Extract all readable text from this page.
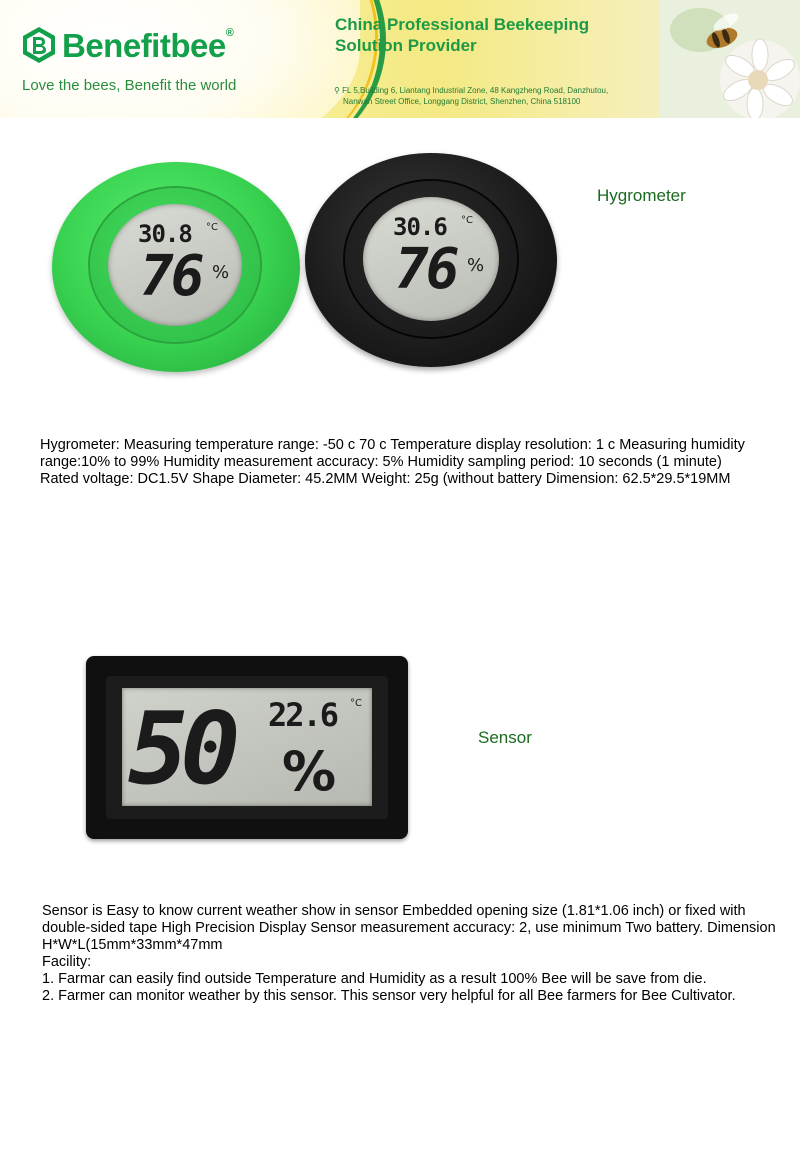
Benefitbee®
Love the bees, Benefit the world
China Professional Beekeeping
Solution Provider
⚲ FL 5,Building 6, Liantang Industrial Zone, 48 Kangzheng Road, Danzhutou,
Nanwan Street Office, Longgang District, Shenzhen, China 518100
30.8 °C
76 %
30.6 °C
76 %
Hygrometer

Hygrometer: Measuring temperature range: -50 c 70 c Temperature display resolution: 1 c Measuring humidity range:10% to 99% Humidity measurement accuracy: 5% Humidity sampling period: 10 seconds (1 minute) Rated voltage: DC1.5V Shape Diameter: 45.2MM Weight: 25g (without battery Dimension: 62.5*29.5*19MM

50 22.6 °C
%
Sensor

Sensor is Easy to know current weather show in sensor Embedded opening size (1.81*1.06 inch) or fixed with double-sided tape High Precision Display Sensor measurement accuracy: 2, use minimum Two battery. Dimension H*W*L(15mm*33mm*47mm

Facility:

1. Farmar can easily find outside Temperature and Humidity as a result 100% Bee will be save from die.

2. Farmer can monitor weather by this sensor. This sensor very helpful for all Bee farmers for Bee Cultivator.
